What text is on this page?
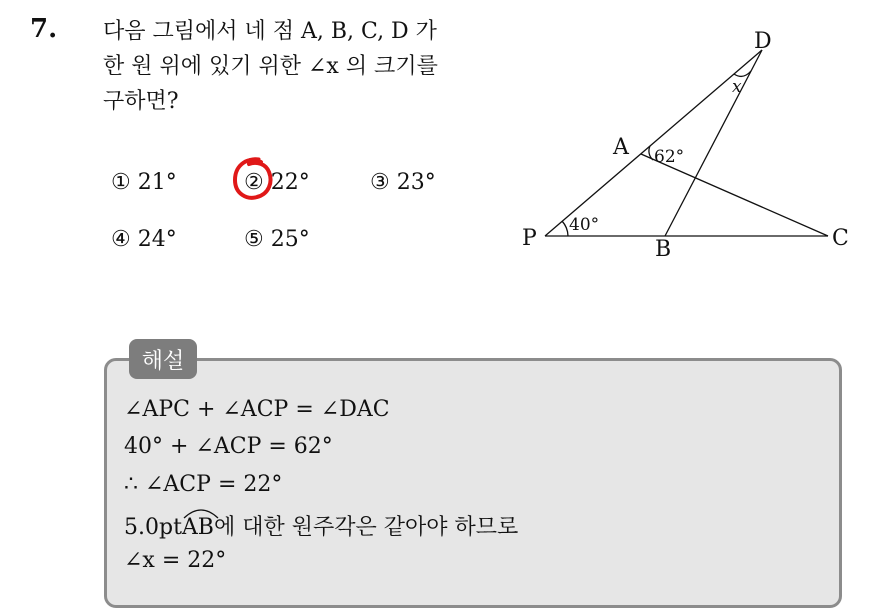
7. 다음 그림에서 네 점 A, B, C, D 가
한 원 위에 있기 위한 ∠x 의 크기를
구하면?
① 21°	② 22°	③ 23°
④ 24°	⑤ 25°	P
A
B	C
D
40°
62°
x
해설
∠APC + ∠ACP = ∠DAC
40° + ∠ACP = 62°
∴ ∠ACP = 22°
5.0pt
AB에 대한 원주각은 같아야 하므로
∠x = 22°
